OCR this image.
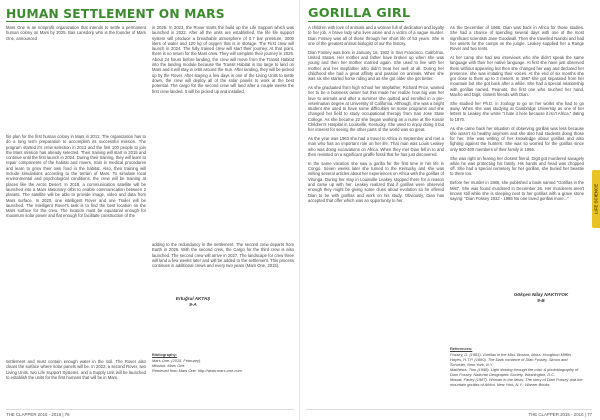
HUMAN SETTLEMENT ON MARS

Mars One is an nonprofit organization that intends to settle a permanent human colony on Mars by 2025. Bas Lansdorp who is the founder of Mars One, announced

his plan for the first human colony in Mars in 2012. The organization has to do a long term preparation to accomplish its successful mission. The program started it's crew selection in 2013 and the first 100 people to join the Mars mission has already selected. Their training will start in 2015 and continue until the first launch in 2024. During their training, they will learn to repair components of the habitat and rovers, train in medical procedures and learn to grow their own food in the habitat. Also, their training will include simulations according to the terrain of Mars. To simulate local environmental and psychological conditions, the crew will be training at places like the Arctic Desert. In 2018, a communication satellite will be launched into a Mars stationary orbit to enable communication between 2 planets. The satellite will be able to provide image, video and data from Mars surface. In 2020, one intelligent Rover and one Trailer will be launched. The intelligent Rover's task is to find the best location on the Mars surface for the crew. The location must be equatorial enough for maximum solar power and flat enough for facilitate construction of the

settlement and must contain enough water in the soil. The Rover also clears the surface where solar panels will be. In 2022, a second Rover, two Living Units, two Life Support Systems, and a Supply Unit will be launched to establish the units for the first humans that will be in Mars.

in 2025. In 2023, the Rover starts the build up the Life Support which was launched in 2022. After all the units are established, the life life support system will produce a breathable atmosphere of 0.7 bar pressure, 3000 liters of water and 120 kg of oxygen that is in storage. The First crew will launch in 2024. The fully trained crew will start their journey. At that point, there is no return for the Mars crew. They will complete their journey in 2025. About 24 hours before landing, the crew will move from the Transit Habitat into the landing module because the Transit Habitat is too large to land on Mars and it will stay in orbit around the Sun. After landing, they will be picked up by the Rover. After staying a few days in one of the Living Units to settle down, the crew will deploy all of the solar panels to work at the best potential. The cargo for the second crew will land after a couple weeks the first crew landed. It will be picked up and installed,

adding to the redundancy in the settlement. The second crew departs from Earth in 2026. With the second crew, the Cargo for the third crew is also launched. The second crew will arrive in 2027. The landscape for crew three will land a few weeks later and will be added to the settlement. This process continues in additional crews and every two years (Mars One, 2015).

Ertuğrul AKTAŞ
9-A
Bibliography:
Mars One. (2015, February).
Mission: Mars One.
Retrieved from Mars One: http://www.mars-one.com
THE CLAPPER 2015 - 2016 | 76
GORILLA GIRL

A children with love of animals and a woman full of dedication and loyalty to her job. A brave lady who lives alone and a victim of a vague murder. Dian Fossey was all of those through her short life of 53 years. She is one of the greatest animal biologist of our the history.

Dian Fossey was born in January 16, 1932 in San Francisco, California, United States. Her mother and father have broken up when she was young and then her mother married again. She used to live with her mother and her stepfather who didn't treat her well at all. During her childhood she had a great affinity and passion on animals. When she was six she started horse riding and as she got older she got better.

As she graduated from high school her stepfather, Richard Price, wanted her to be a business owner but this made her realize how big was her love to animals and after a summer she quitted and enrolled in a pre-veterinarian degree at University of California. Although, she was a bright student she used to have some difficulties on some programs and she changed her field to study occupational therapy from San Jose State College. As she became 22 she began working as a nurse at the Kosair Children's Hospital in Louisville, Kentucky. She used to enjoy doing it but her interest for seeing the other parts of the world was so great.

As the year was 1963 she had a travel to Africa in September and met a man who has an important role on her life. That man was Louis Leakey who was doing excavations on Africa. When they met Dian fell in to and then revisited on a significant giraffe fossil that he has just discovered.

In the same vacation she saw a gorilla for the first time in her life in Congo. Seven weeks later she turned to the Kentucky and she was writing several articles about her experiences on Africa with the gorillas of Virunga. During her stay in Louisville Leakey stopped there for a reason and came up with her. Leakey realized that if gorillas were observed enough they might be giving some clues about evolution so he offered Dian to be with gorillas and work on his study. Obviously, Dian has accepted that offer which was an opportunity to her.

As the December of 1966, Dian was back in Africa for those studies. She had a chance of spending several days with one of the most significant scientists Jane Goodwall. Then she travelled Nairobi and had her assets for the camps on the jungle. Leakey supplied her a Range Rover and two tents.

At her camp she had two interviews who she didn't speak the same language with their her native language. At first she have just observed them without appearing but then she changed her way and declared her presence, she was imitating their voices. At the end of six months she got close to them up to 3 meters. In 1967 she got separated from her mountain but she got back after a while. She had a special relationship with gorillas named, Peanuts, the first one who touched her hand, Macho and Digit, closest friends with Dian.

She studied her Ph.D. in zoology to go on her works she had to go away. When she was studying at Cambridge University as one of her letters to Leakey she wrote "I hate it here because it isn't Africa." dating to 1970.

As she came back her situation of observing gorillas was less because she wasn't so healthy anymore and she also had students doing those for her. She was writing of her knowledge about gorillas and also fighting against the hunters. She was so worried for the gorillas since only 600-400 members of their family in 1966.

She was right on fearing her closest friend, Digit got murdered savagely while he was protecting his family. His hands and head was chopped off. She had a special cemetery for her gorillas, she buried her beastie to there too.

Before her murder in 1985, she published a book named "Gorillas in the Mist". She was found murdered in December 26. Her murderers aren't known still while she is sleeping next to her gorillas with a grave stone saying: "Dian Fossey 1932 - 1985 No one loved gorillas more..."

Gökçen Nilay NAKTIYOK
9-B
References:
Fossey, D. (1983). Gorillas in the Mist. Boston, Mass: Houghton Mifflin.
Hayes, H.T.P. (1990). The Dark romance of Dian Fossey. Simon and Schuster, New York, N.Y.
Matthews, Tom (1998). Light shining through the mist: A photobiography of Dian Fossey. National Geographic Society. Washington, D.C.
Mowat, Farley (1987). Woman in the Mists: The story of Dian Fossey and the mountain gorillas of Africa. New York, N.Y.: Warner Books.
LIFE SCIENCE
THE CLAPPER 2015 - 2016 | 77
